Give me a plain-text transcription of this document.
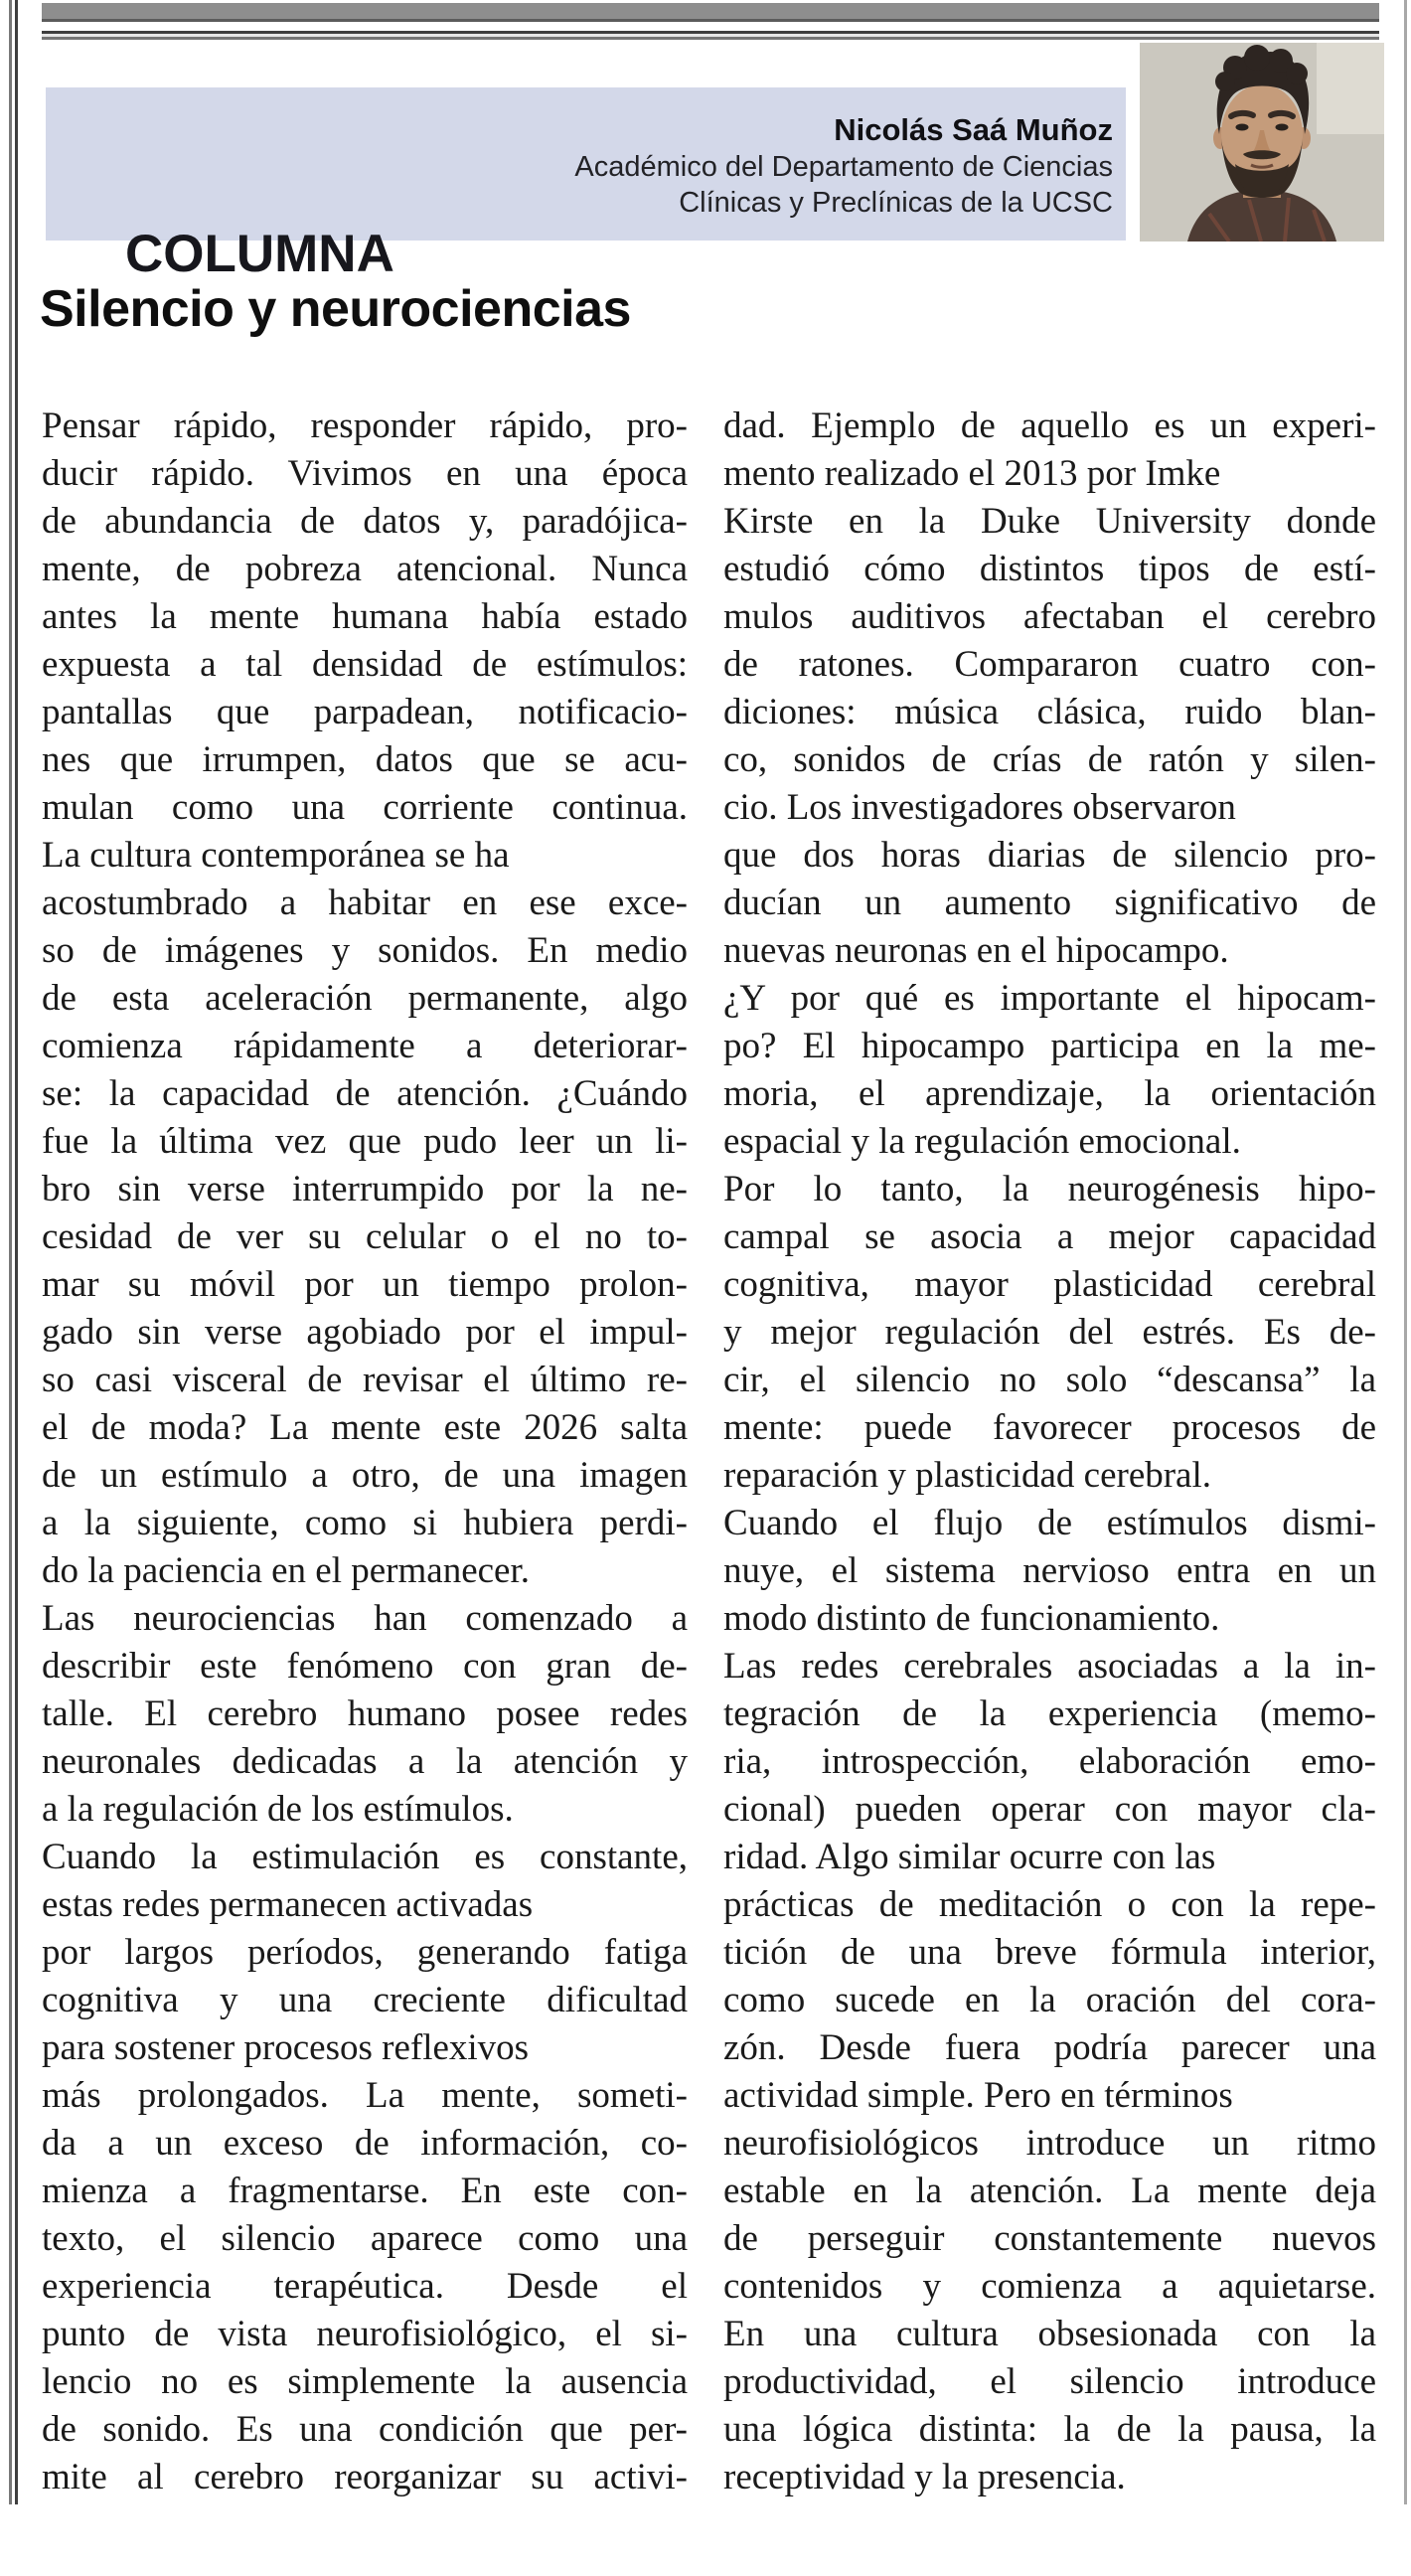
COLUMNA
Nicolás Saá Muñoz
Académico del Departamento de Ciencias
Clínicas y Preclínicas de la UCSC
Silencio y neurociencias
Pensar rápido, responder rápido, pro-
ducir rápido. Vivimos en una época
de abundancia de datos y, paradójica-
mente, de pobreza atencional. Nunca
antes la mente humana había estado
expuesta a tal densidad de estímulos:
pantallas que parpadean, notificacio-
nes que irrumpen, datos que se acu-
mulan como una corriente continua.
La cultura contemporánea se ha
acostumbrado a habitar en ese exce-
so de imágenes y sonidos. En medio
de esta aceleración permanente, algo
comienza rápidamente a deteriorar-
se: la capacidad de atención. ¿Cuándo
fue la última vez que pudo leer un li-
bro sin verse interrumpido por la ne-
cesidad de ver su celular o el no to-
mar su móvil por un tiempo prolon-
gado sin verse agobiado por el impul-
so casi visceral de revisar el último re-
el de moda? La mente este 2026 salta
de un estímulo a otro, de una imagen
a la siguiente, como si hubiera perdi-
do la paciencia en el permanecer.
Las neurociencias han comenzado a
describir este fenómeno con gran de-
talle. El cerebro humano posee redes
neuronales dedicadas a la atención y
a la regulación de los estímulos.
Cuando la estimulación es constante,
estas redes permanecen activadas
por largos períodos, generando fatiga
cognitiva y una creciente dificultad
para sostener procesos reflexivos
más prolongados. La mente, someti-
da a un exceso de información, co-
mienza a fragmentarse. En este con-
texto, el silencio aparece como una
experiencia terapéutica. Desde el
punto de vista neurofisiológico, el si-
lencio no es simplemente la ausencia
de sonido. Es una condición que per-
mite al cerebro reorganizar su activi-
dad. Ejemplo de aquello es un experi-
mento realizado el 2013 por Imke
Kirste en la Duke University donde
estudió cómo distintos tipos de estí-
mulos auditivos afectaban el cerebro
de ratones. Compararon cuatro con-
diciones: música clásica, ruido blan-
co, sonidos de crías de ratón y silen-
cio. Los investigadores observaron
que dos horas diarias de silencio pro-
ducían un aumento significativo de
nuevas neuronas en el hipocampo.
¿Y por qué es importante el hipocam-
po? El hipocampo participa en la me-
moria, el aprendizaje, la orientación
espacial y la regulación emocional.
Por lo tanto, la neurogénesis hipo-
campal se asocia a mejor capacidad
cognitiva, mayor plasticidad cerebral
y mejor regulación del estrés. Es de-
cir, el silencio no solo “descansa” la
mente: puede favorecer procesos de
reparación y plasticidad cerebral.
Cuando el flujo de estímulos dismi-
nuye, el sistema nervioso entra en un
modo distinto de funcionamiento.
Las redes cerebrales asociadas a la in-
tegración de la experiencia (memo-
ria, introspección, elaboración emo-
cional) pueden operar con mayor cla-
ridad. Algo similar ocurre con las
prácticas de meditación o con la repe-
tición de una breve fórmula interior,
como sucede en la oración del cora-
zón. Desde fuera podría parecer una
actividad simple. Pero en términos
neurofisiológicos introduce un ritmo
estable en la atención. La mente deja
de perseguir constantemente nuevos
contenidos y comienza a aquietarse.
En una cultura obsesionada con la
productividad, el silencio introduce
una lógica distinta: la de la pausa, la
receptividad y la presencia.
